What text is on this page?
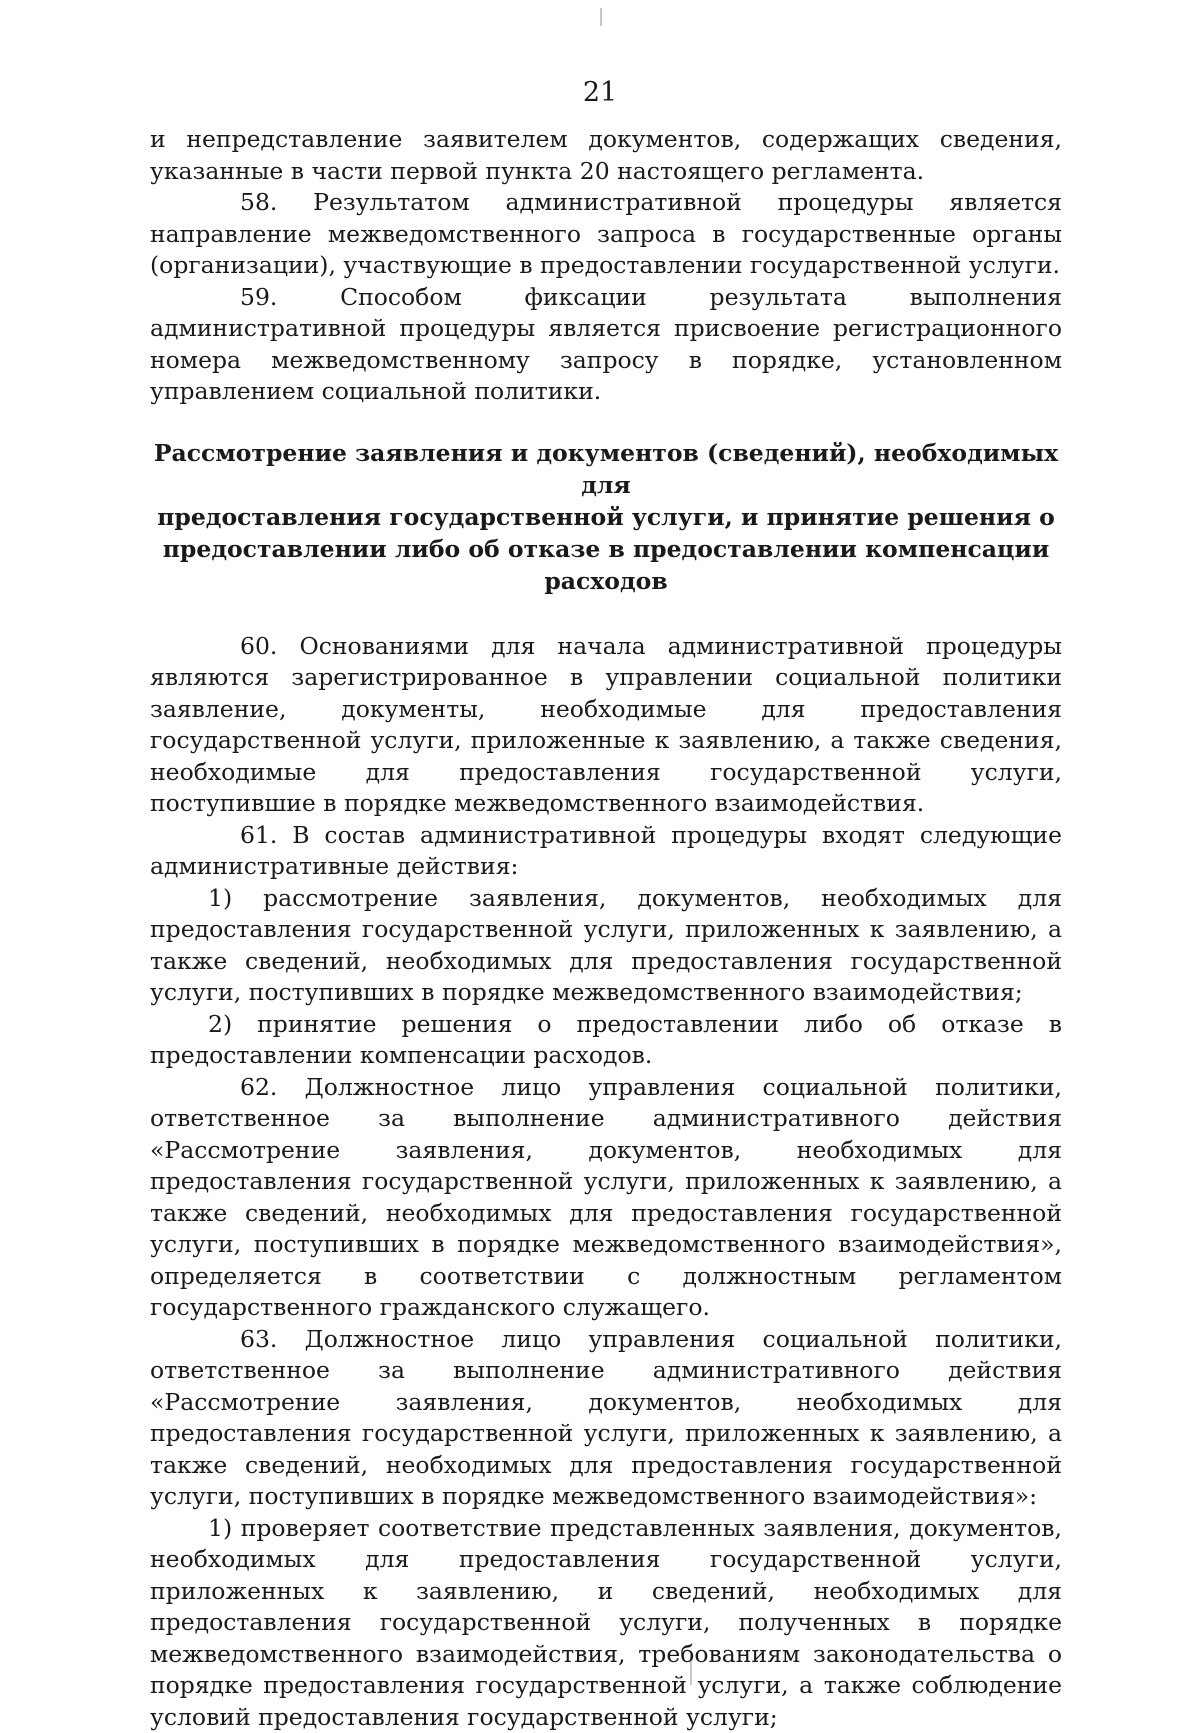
21

и непредставление заявителем документов, содержащих сведения, указанные в части первой пункта 20 настоящего регламента.

58. Результатом административной процедуры является направление межведомственного запроса в государственные органы (организации), участвующие в предоставлении государственной услуги.

59. Способом фиксации результата выполнения административной процедуры является присвоение регистрационного номера межведомственному запросу в порядке, установленном управлением социальной политики.

Рассмотрение заявления и документов (сведений), необходимых для
предоставления государственной услуги, и принятие решения о
предоставлении либо об отказе в предоставлении компенсации расходов

60. Основаниями для начала административной процедуры являются зарегистрированное в управлении социальной политики заявление, документы, необходимые для предоставления государственной услуги, приложенные к заявлению, а также сведения, необходимые для предоставления государственной услуги, поступившие в порядке межведомственного взаимодействия.

61. В состав административной процедуры входят следующие административные действия:

1) рассмотрение заявления, документов, необходимых для предоставления государственной услуги, приложенных к заявлению, а также сведений, необходимых для предоставления государственной услуги, поступивших в порядке межведомственного взаимодействия;

2) принятие решения о предоставлении либо об отказе в предоставлении компенсации расходов.

62. Должностное лицо управления социальной политики, ответственное за выполнение административного действия «Рассмотрение заявления, документов, необходимых для предоставления государственной услуги, приложенных к заявлению, а также сведений, необходимых для предоставления государственной услуги, поступивших в порядке межведомственного взаимодействия», определяется в соответствии с должностным регламентом государственного гражданского служащего.

63. Должностное лицо управления социальной политики, ответственное за выполнение административного действия «Рассмотрение заявления, документов, необходимых для предоставления государственной услуги, приложенных к заявлению, а также сведений, необходимых для предоставления государственной услуги, поступивших в порядке межведомственного взаимодействия»:

1) проверяет соответствие представленных заявления, документов, необходимых для предоставления государственной услуги, приложенных к заявлению, и сведений, необходимых для предоставления государственной услуги, полученных в порядке межведомственного взаимодействия, требованиям законодательства о порядке предоставления государственной услуги, а также соблюдение условий предоставления государственной услуги;
